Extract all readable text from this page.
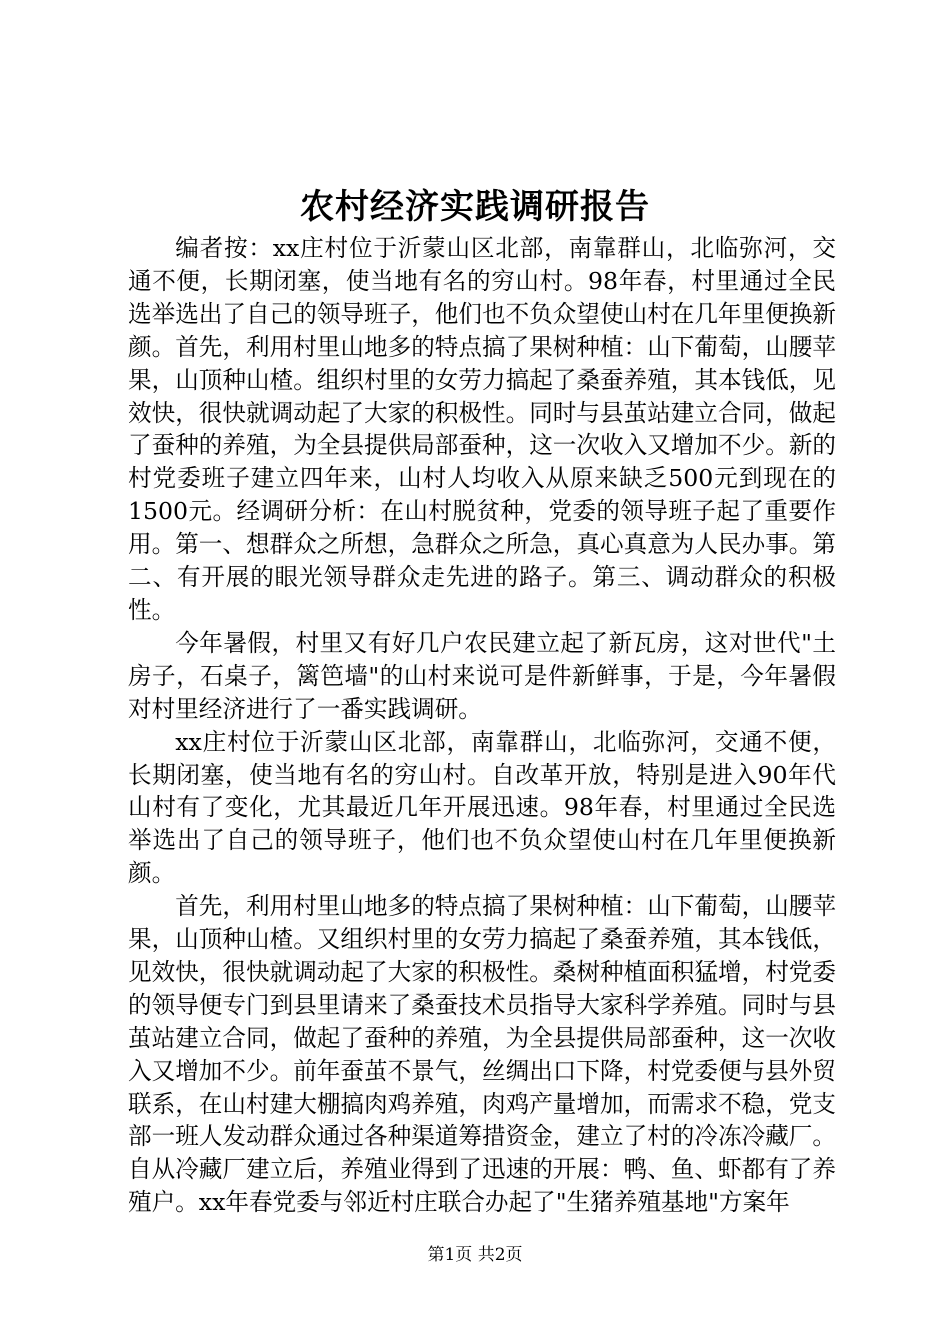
农村经济实践调研报告

编者按：xx庄村位于沂蒙山区北部，南靠群山，北临弥河，交通不便，长期闭塞，使当地有名的穷山村。98年春，村里通过全民选举选出了自己的领导班子，他们也不负众望使山村在几年里便换新颜。首先，利用村里山地多的特点搞了果树种植：山下葡萄，山腰苹果，山顶种山楂。组织村里的女劳力搞起了桑蚕养殖，其本钱低，见效快，很快就调动起了大家的积极性。同时与县茧站建立合同，做起了蚕种的养殖，为全县提供局部蚕种，这一次收入又增加不少。新的村党委班子建立四年来，山村人均收入从原来缺乏500元到现在的1500元。经调研分析：在山村脱贫种，党委的领导班子起了重要作用。第一、想群众之所想，急群众之所急，真心真意为人民办事。第二、有开展的眼光领导群众走先进的路子。第三、调动群众的积极性。

今年暑假，村里又有好几户农民建立起了新瓦房，这对世代"土房子，石桌子，篱笆墙"的山村来说可是件新鲜事，于是，今年暑假对村里经济进行了一番实践调研。

xx庄村位于沂蒙山区北部，南靠群山，北临弥河，交通不便，长期闭塞，使当地有名的穷山村。自改革开放，特别是进入90年代山村有了变化，尤其最近几年开展迅速。98年春，村里通过全民选举选出了自己的领导班子，他们也不负众望使山村在几年里便换新颜。

首先，利用村里山地多的特点搞了果树种植：山下葡萄，山腰苹果，山顶种山楂。又组织村里的女劳力搞起了桑蚕养殖，其本钱低，见效快，很快就调动起了大家的积极性。桑树种植面积猛增，村党委的领导便专门到县里请来了桑蚕技术员指导大家科学养殖。同时与县茧站建立合同，做起了蚕种的养殖，为全县提供局部蚕种，这一次收入又增加不少。前年蚕茧不景气，丝绸出口下降，村党委便与县外贸联系，在山村建大棚搞肉鸡养殖，肉鸡产量增加，而需求不稳，党支部一班人发动群众通过各种渠道筹措资金，建立了村的冷冻冷藏厂。自从冷藏厂建立后，养殖业得到了迅速的开展：鸭、鱼、虾都有了养殖户。xx年春党委与邻近村庄联合办起了"生猪养殖基地"方案年

第1页 共2页
